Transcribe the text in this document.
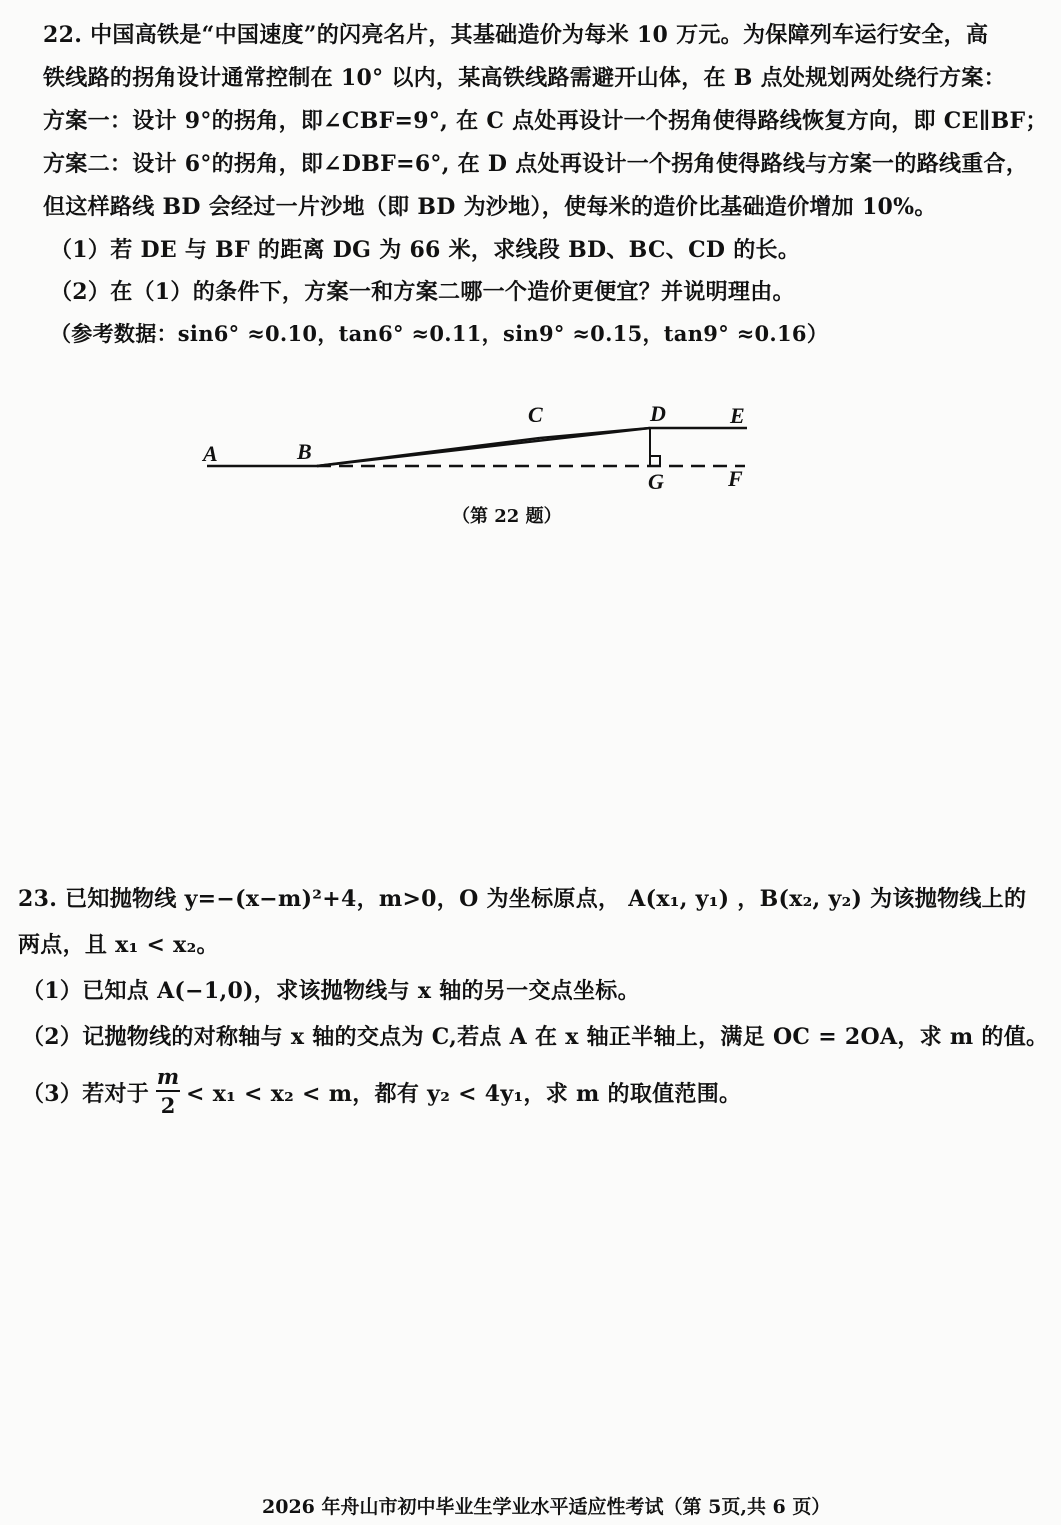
22. 中国高铁是“中国速度”的闪亮名片，其基础造价为每米 10 万元。为保障列车运行安全，高
铁线路的拐角设计通常控制在 10° 以内，某高铁线路需避开山体，在 B 点处规划两处绕行方案：
方案一：设计 9°的拐角，即∠CBF=9°, 在 C 点处再设计一个拐角使得路线恢复方向，即 CE∥BF；
方案二：设计 6°的拐角，即∠DBF=6°, 在 D 点处再设计一个拐角使得路线与方案一的路线重合，
但这样路线 BD 会经过一片沙地（即 BD 为沙地），使每米的造价比基础造价增加 10%。
（1）若 DE 与 BF 的距离 DG 为 66 米，求线段 BD、BC、CD 的长。
（2）在（1）的条件下，方案一和方案二哪一个造价更便宜？并说明理由。
（参考数据：sin6° ≈0.10，tan6° ≈0.11，sin9° ≈0.15，tan9° ≈0.16）
A	B
C	D	E
F
G
（第 22 题）
23. 已知抛物线 y=−(x−m)²+4，m>0，O 为坐标原点， A(x₁, y₁) ，B(x₂, y₂) 为该抛物线上的
两点，且 x₁ < x₂。
（1）已知点 A(−1,0)，求该抛物线与 x 轴的另一交点坐标。
（2）记抛物线的对称轴与 x 轴的交点为 C,若点 A 在 x 轴正半轴上，满足 OC = 2OA，求 m 的值。
（3）若对于
m
2 < x₁ < x₂ < m，都有 y₂ < 4y₁，求 m 的取值范围。
2026 年舟山市初中毕业生学业水平适应性考试（第 5页,共 6 页）
